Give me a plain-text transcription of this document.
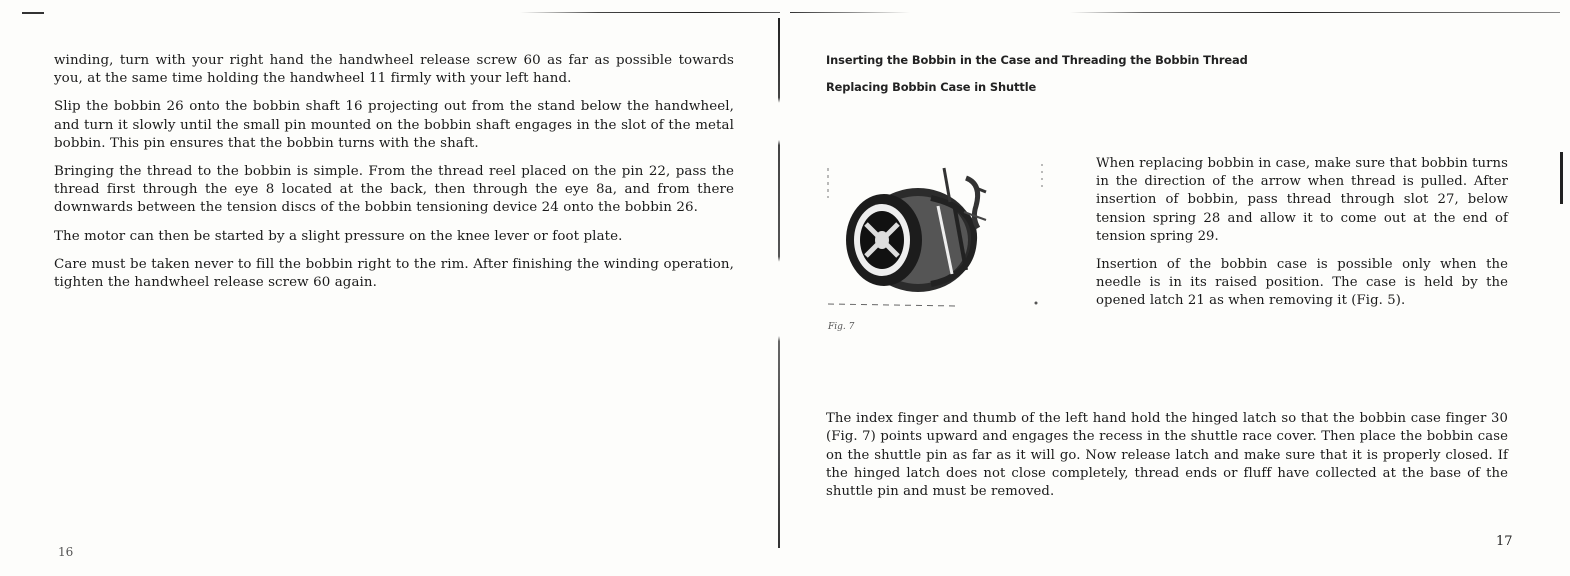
winding, turn with your right hand the handwheel release screw 60 as far as possible towards you, at the same time holding the handwheel 11 firmly with your left hand.

Slip the bobbin 26 onto the bobbin shaft 16 projecting out from the stand below the handwheel, and turn it slowly until the small pin mounted on the bobbin shaft engages in the slot of the metal bobbin. This pin ensures that the bobbin turns with the shaft.

Bringing the thread to the bobbin is simple. From the thread reel placed on the pin 22, pass the thread first through the eye 8 located at the back, then through the eye 8a, and from there downwards between the tension discs of the bobbin tensioning device 24 onto the bobbin 26.

The motor can then be started by a slight pressure on the knee lever or foot plate.

Care must be taken never to fill the bobbin right to the rim. After finishing the winding operation, tighten the handwheel release screw 60 again.

16
Inserting the Bobbin in the Case and Threading the Bobbin Thread
Replacing Bobbin Case in Shuttle
Fig. 7

When replacing bobbin in case, make sure that bobbin turns in the direction of the arrow when thread is pulled. After insertion of bobbin, pass thread through slot 27, below tension spring 28 and allow it to come out at the end of tension spring 29.

Insertion of the bobbin case is possible only when the needle is in its raised position. The case is held by the opened latch 21 as when removing it (Fig. 5).

The index finger and thumb of the left hand hold the hinged latch so that the bobbin case finger 30 (Fig. 7) points upward and engages the recess in the shuttle race cover. Then place the bobbin case on the shuttle pin as far as it will go. Now release latch and make sure that it is properly closed. If the hinged latch does not close completely, thread ends or fluff have collected at the base of the shuttle pin and must be removed.

17
